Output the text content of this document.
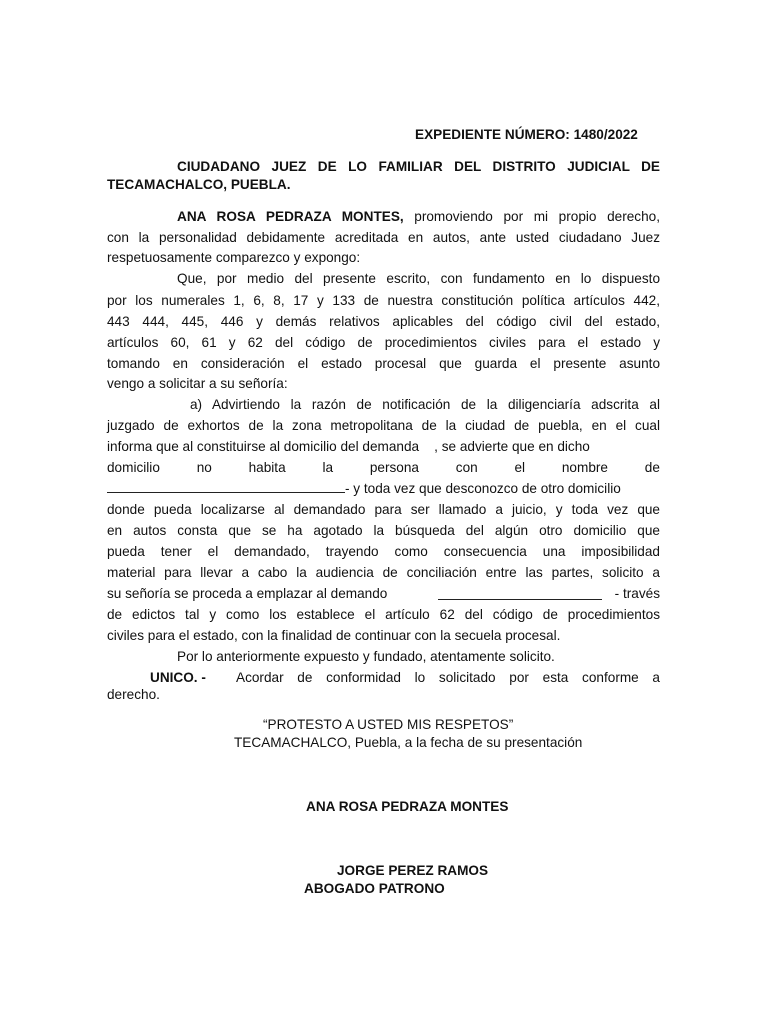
EXPEDIENTE NÚMERO: 1480/2022
CIUDADANO JUEZ DE LO FAMILIAR DEL DISTRITO JUDICIAL DE
TECAMACHALCO, PUEBLA.
ANA ROSA PEDRAZA MONTES, promoviendo por mi propio derecho,
con la personalidad debidamente acreditada en autos, ante usted ciudadano Juez
respetuosamente comparezco y expongo:
Que, por medio del presente escrito, con fundamento en lo dispuesto
por los numerales 1, 6, 8, 17 y 133 de nuestra constitución política artículos 442,
443 444, 445, 446 y demás relativos aplicables del código civil del estado,
artículos 60, 61 y 62 del código de procedimientos civiles para el estado y
tomando en consideración el estado procesal que guarda el presente asunto
vengo a solicitar a su señoría:
a) Advirtiendo la razón de notificación de la diligenciaría adscrita al
juzgado de exhortos de la zona metropolitana de la ciudad de puebla, en el cual
informa que al constituirse al domicilio del demanda    , se advierte que en dicho
domicilio	no	habita	la	persona	con	el	nombre	de
- y toda vez que desconozco de otro domicilio
donde pueda localizarse al demandado para ser llamado a juicio, y toda vez que
en autos consta que se ha agotado la búsqueda del algún otro domicilio que
pueda tener el demandado, trayendo como consecuencia una imposibilidad
material para llevar a cabo la audiencia de conciliación entre las partes, solicito a
su señoría se proceda a emplazar al demando	- través
de edictos tal y como los establece el artículo 62 del código de procedimientos
civiles para el estado, con la finalidad de continuar con la secuela procesal.
Por lo anteriormente expuesto y fundado, atentamente solicito.
UNICO. - Acordar de conformidad lo solicitado por esta conforme a
derecho.
“PROTESTO A USTED MIS RESPETOS”
TECAMACHALCO, Puebla, a la fecha de su presentación
ANA ROSA PEDRAZA MONTES
JORGE PEREZ RAMOS
ABOGADO PATRONO
